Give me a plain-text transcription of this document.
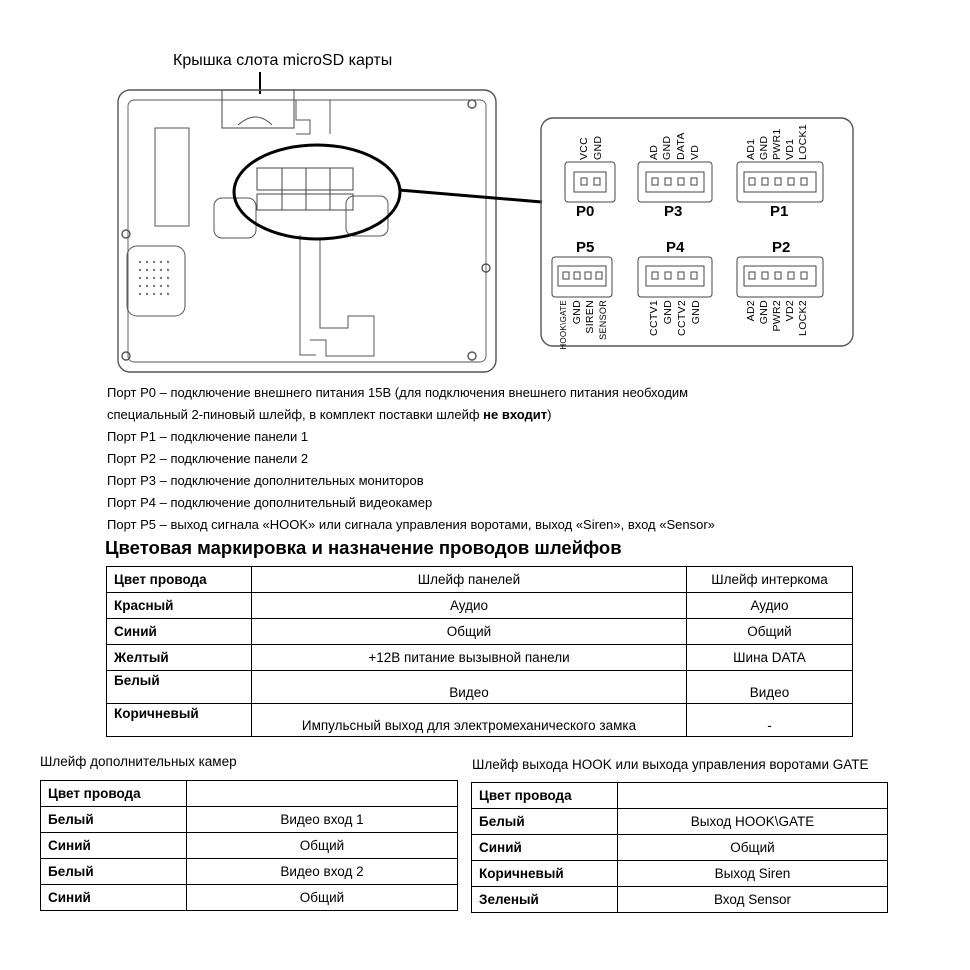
Крышка слота microSD карты
VCC GND
P0
AD GND DATA VD
P3
AD1 GND PWR1 VD1 LOCK1
P1
P5
HOOK\GATE GND SIREN SENSOR
P4
CCTV1 GND CCTV2 GND
P2
AD2 GND PWR2 VD2 LOCK2
Порт P0 – подключение внешнего питания 15В (для подключения внешнего питания необходим
специальный 2-пиновый шлейф, в комплект поставки шлейф не входит)
Порт P1 – подключение панели 1
Порт P2 – подключение панели 2
Порт P3 – подключение дополнительных мониторов
Порт P4 – подключение дополнительный видеокамер
Порт P5 – выход сигнала «HOOK» или сигнала управления воротами, выход «Siren», вход «Sensor»
Цветовая маркировка и назначение проводов шлейфов
Цвет провода	Шлейф панелей	Шлейф интеркома
Красный	Аудио	Аудио
Синий	Общий	Общий
Желтый	+12В питание вызывной панели	Шина DATA
Белый	Видео	Видео
Коричневый	Импульсный выход для электромеханического замка	-
Шлейф дополнительных камер
Цвет провода	
Белый	Видео вход 1
Синий	Общий
Белый	Видео вход 2
Синий	Общий
Шлейф выхода HOOK или выхода управления воротами GATE
Цвет провода	
Белый	Выход HOOK\GATE
Синий	Общий
Коричневый	Выход Siren
Зеленый	Вход Sensor
